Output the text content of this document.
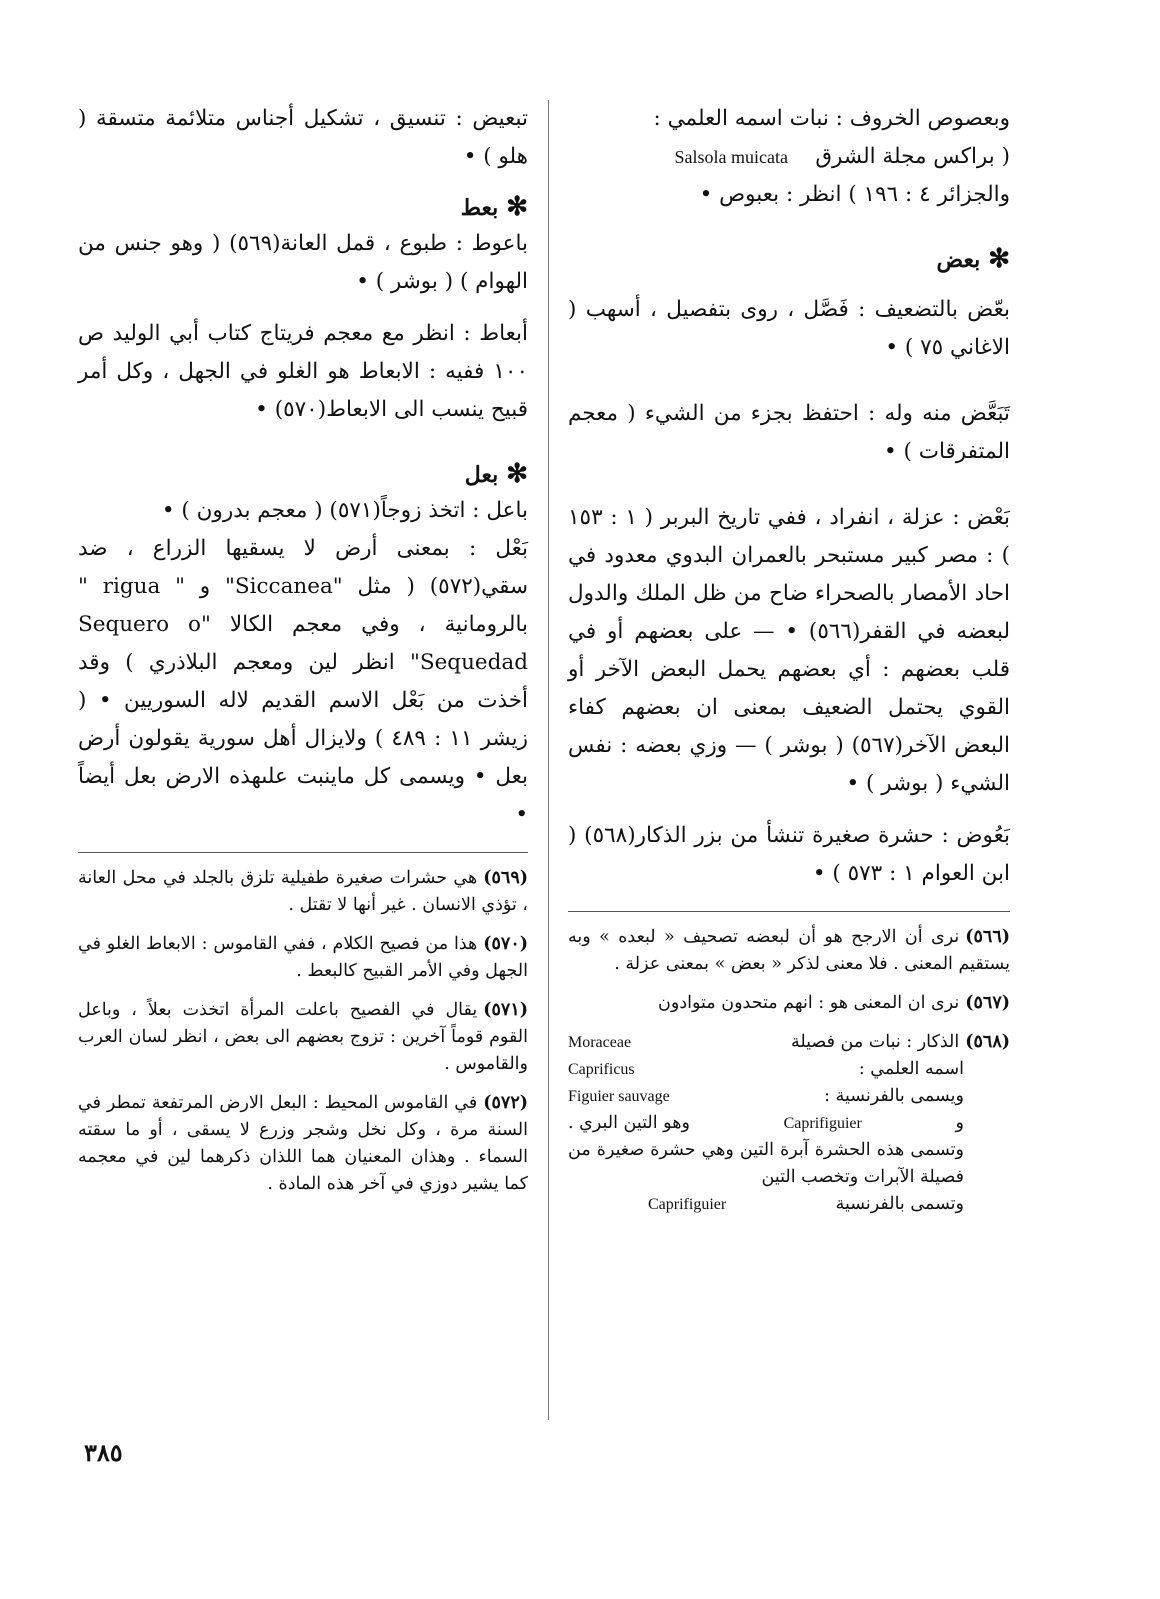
وبعصوص الخروف : نبات اسمه العلمي :

( براكس مجلة الشرق    Salsola muicata

والجزائر ٤ : ١٩٦ ) انظر : بعبوص •

✻بعض

بعّض بالتضعيف : فَصَّل ، روى بتفصيل ، أسهب ( الاغاني ٧٥ ) •

تَبَعَّض منه وله : احتفظ بجزء من الشيء ( معجم المتفرقات ) •

بَعْض : عزلة ، انفراد ، ففي تاريخ البربر ( ١ : ١٥٣ ) : مصر كبير مستبحر بالعمران البدوي معدود في احاد الأمصار بالصحراء ضاح من ظل الملك والدول لبعضه في القفر(٥٦٦) • — على بعضهم أو في قلب بعضهم : أي بعضهم يحمل البعض الآخر أو القوي يحتمل الضعيف بمعنى ان بعضهم كفاء البعض الآخر(٥٦٧) ( بوشر ) — وزي بعضه : نفس الشيء ( بوشر ) •

بَعُوض : حشرة صغيرة تنشأ من بزر الذكار(٥٦٨) ( ابن العوام ١ : ٥٧٣ ) •

(٥٦٦)نرى أن الارجح هو أن لبعضه تصحيف « لبعده » وبه يستقيم المعنى . فلا معنى لذكر « بعض » بمعنى عزلة .

(٥٦٧)نرى ان المعنى هو : انهم متحدون متوادون

(٥٦٨)الذكار : نبات من فصيلة
Moraceae
اسمه العلمي :
Caprificus
ويسمى بالفرنسية :
Figuier sauvage
و
Caprifiguier
وهو التين البري .
وتسمى هذه الحشرة آبرة التين وهي حشرة صغيرة من فصيلة الآبرات وتخصب التين
وتسمى بالفرنسية
Caprifiguier

تبعيض : تنسيق ، تشكيل أجناس متلائمة متسقة ( هلو ) •

✻بعط

باعوط : طبوع ، قمل العانة(٥٦٩) ( وهو جنس من الهوام ) ( بوشر ) •

أبعاط : انظر مع معجم فريتاج كتاب أبي الوليد ص ١٠٠ ففيه : الابعاط هو الغلو في الجهل ، وكل أمر قبيح ينسب الى الابعاط(٥٧٠) •

✻بعل

باعل : اتخذ زوجاً(٥٧١) ( معجم بدرون ) •

بَعْل : بمعنى أرض لا يسقيها الزراع ، ضد سقي(٥٧٢) ( مثل "Siccanea" و " rigua " بالرومانية ، وفي معجم الكالا "Sequero o Sequedad" انظر لين ومعجم البلاذري ) وقد أخذت من بَعْل الاسم القديم لاله السوريين • ( زيشر ١١ : ٤٨٩ ) ولايزال أهل سورية يقولون أرض بعل • ويسمى كل ماينبت علىهذه الارض بعل أيضاً •

(٥٦٩)هي حشرات صغيرة طفيلية تلزق بالجلد في محل العانة ، تؤذي الانسان . غير أنها لا تقتل .

(٥٧٠)هذا من فصيح الكلام ، ففي القاموس : الابعاط الغلو في الجهل وفي الأمر القبيح كالبعط .

(٥٧١)يقال في الفصيح باعلت المرأة اتخذت بعلاً ، وباعل القوم قوماً آخرين : تزوج بعضهم الى بعض ، انظر لسان العرب والقاموس .

(٥٧٢)في القاموس المحيط : البعل الارض المرتفعة تمطر في السنة مرة ، وكل نخل وشجر وزرع لا يسقى ، أو ما سقته السماء . وهذان المعنيان هما اللذان ذكرهما لين في معجمه كما يشير دوزي في آخر هذه المادة .

٣٨٥
